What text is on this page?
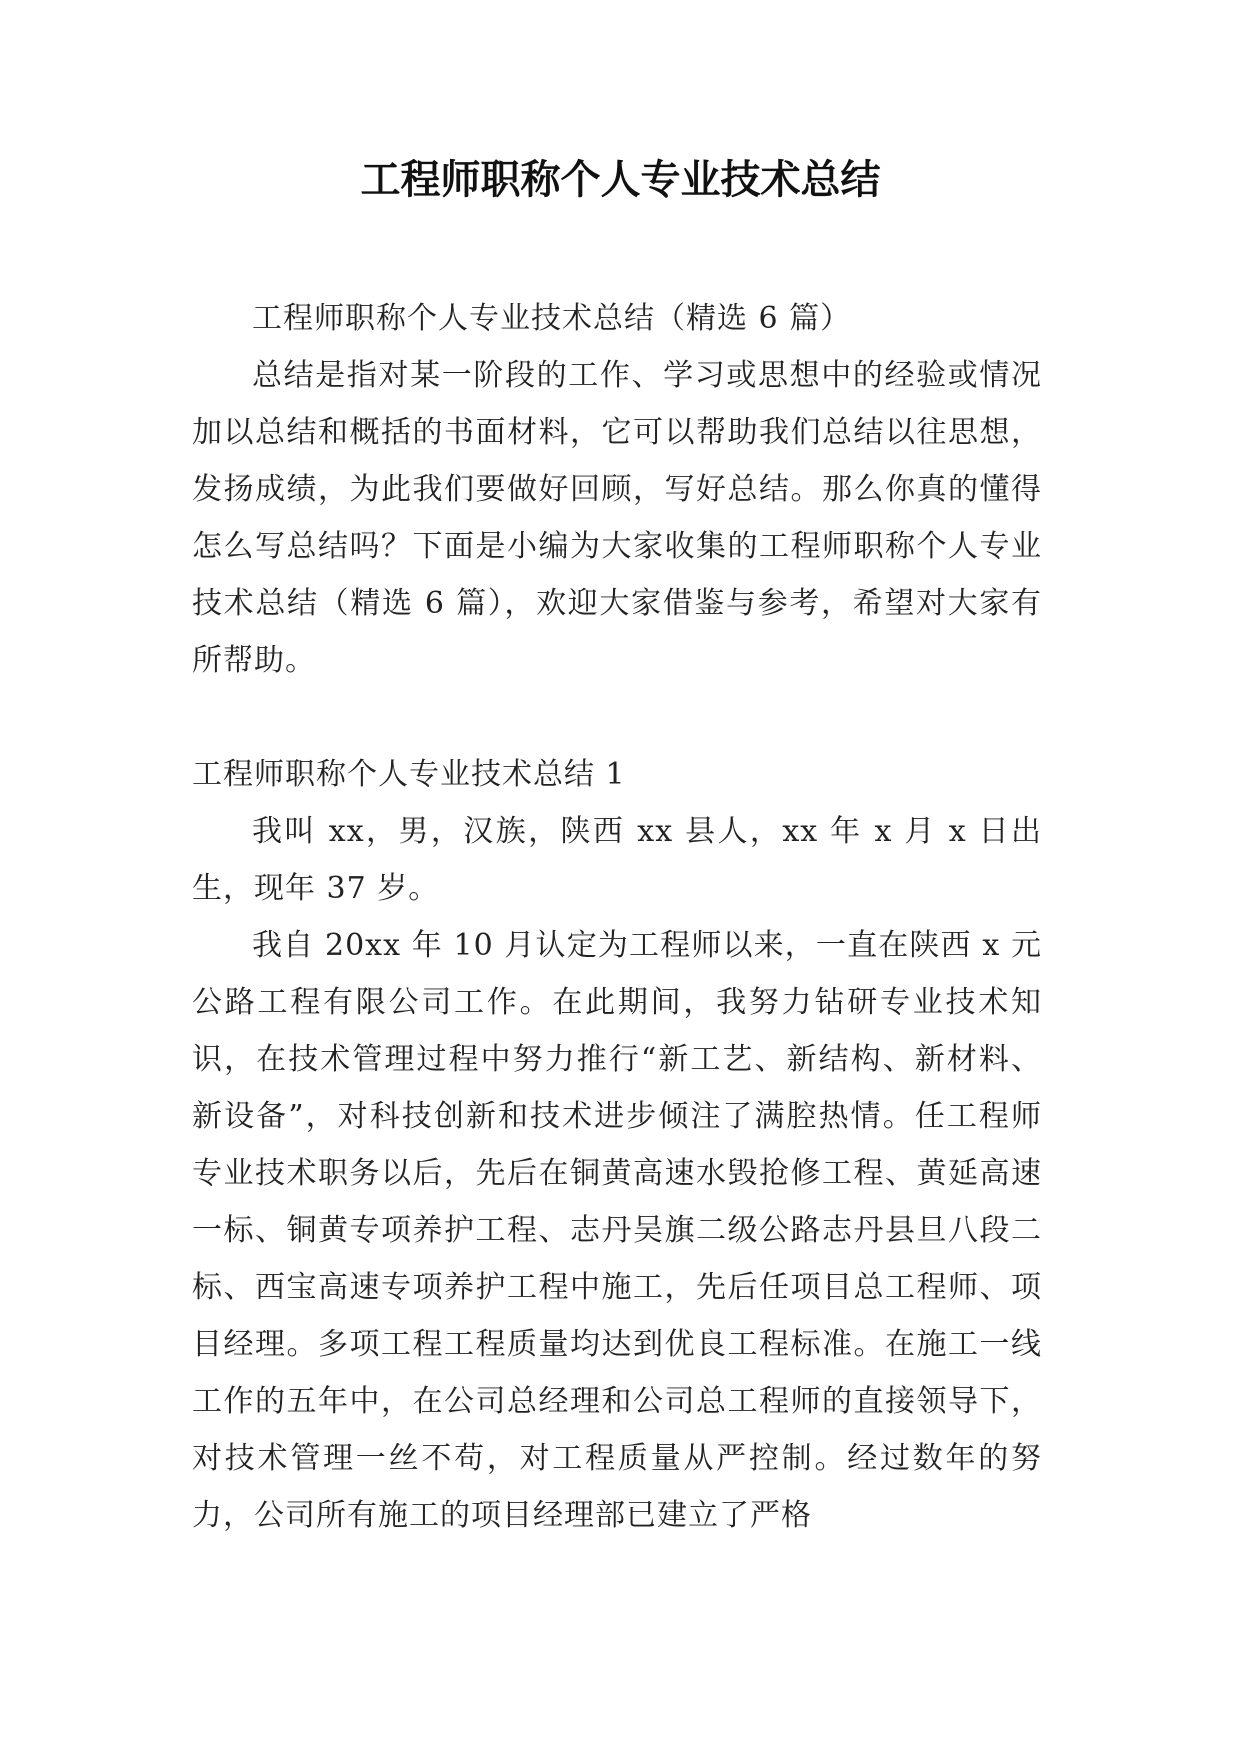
工程师职称个人专业技术总结

工程师职称个人专业技术总结（精选 6 篇）

总结是指对某一阶段的工作、学习或思想中的经验或情况加以总结和概括的书面材料，它可以帮助我们总结以往思想，发扬成绩，为此我们要做好回顾，写好总结。那么你真的懂得怎么写总结吗？下面是小编为大家收集的工程师职称个人专业技术总结（精选 6 篇），欢迎大家借鉴与参考，希望对大家有所帮助。

工程师职称个人专业技术总结 1

我叫 xx，男，汉族，陕西 xx 县人，xx 年 x 月 x 日出生，现年 37 岁。

我自 20xx 年 10 月认定为工程师以来，一直在陕西 x 元公路工程有限公司工作。在此期间，我努力钻研专业技术知识，在技术管理过程中努力推行“新工艺、新结构、新材料、新设备”，对科技创新和技术进步倾注了满腔热情。任工程师专业技术职务以后，先后在铜黄高速水毁抢修工程、黄延高速一标、铜黄专项养护工程、志丹吴旗二级公路志丹县旦八段二标、西宝高速专项养护工程中施工，先后任项目总工程师、项目经理。多项工程工程质量均达到优良工程标准。在施工一线工作的五年中，在公司总经理和公司总工程师的直接领导下，对技术管理一丝不苟，对工程质量从严控制。经过数年的努力，公司所有施工的项目经理部已建立了严格
